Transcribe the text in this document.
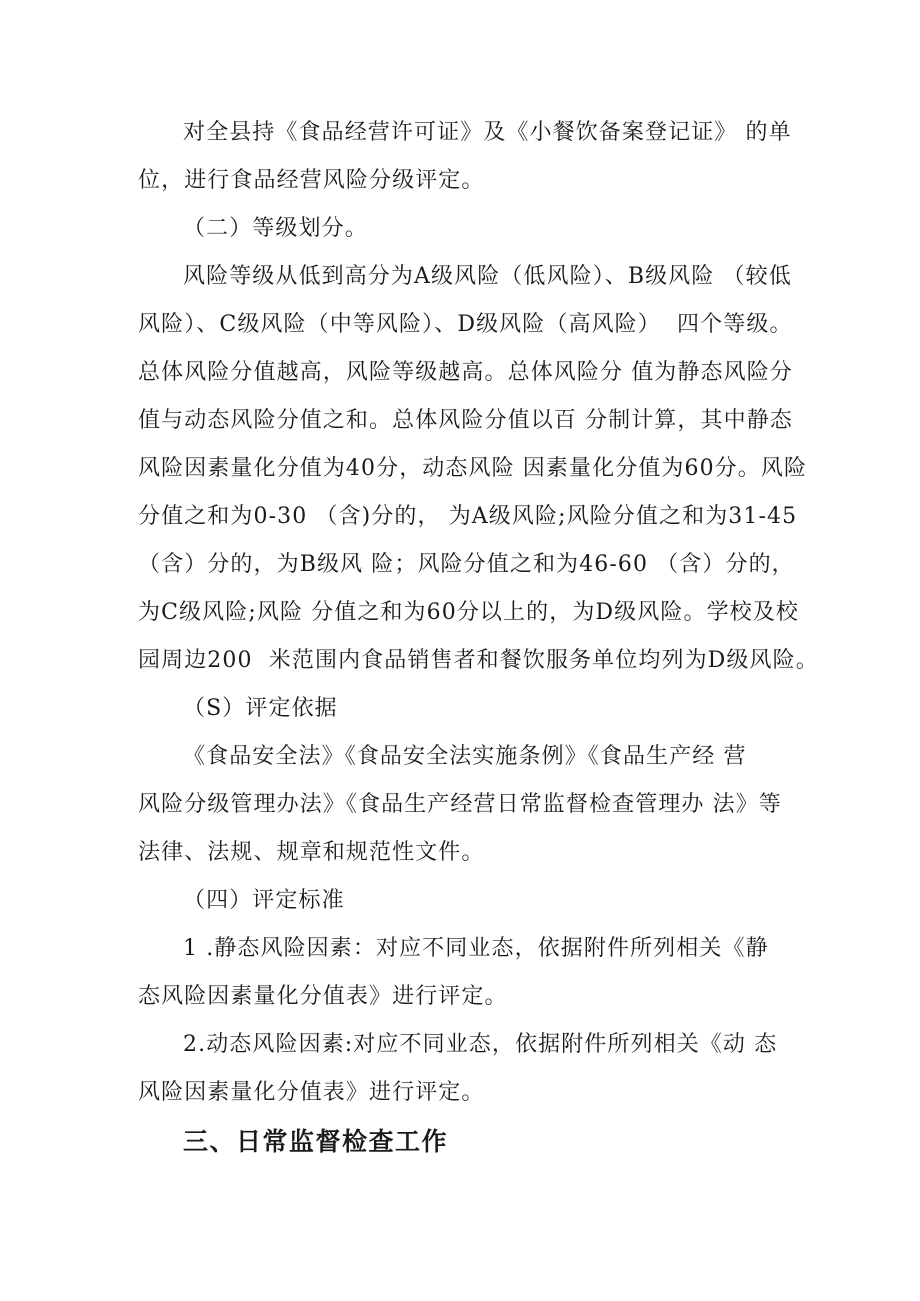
对全县持《食品经营许可证》及《小餐饮备案登记证》 的单
位，进行食品经营风险分级评定。
（二）等级划分。
风险等级从低到高分为A级风险（低风险）、B级风险 （较低
风险）、C级风险（中等风险）、D级风险（高风险）  四个等级。
总体风险分值越高，风险等级越高。总体风险分 值为静态风险分
值与动态风险分值之和。总体风险分值以百 分制计算，其中静态
风险因素量化分值为40分，动态风险 因素量化分值为60分。风险
分值之和为0-30 （含)分的， 为A级风险;风险分值之和为31-45
（含）分的，为B级风 险；风险分值之和为46-60 （含）分的，
为C级风险;风险 分值之和为60分以上的，为D级风险。学校及校
园周边200  米范围内食品销售者和餐饮服务单位均列为D级风险。
（S）评定依据
《食品安全法》《食品安全法实施条例》《食品生产经 营
风险分级管理办法》《食品生产经营日常监督检查管理办 法》等
法律、法规、规章和规范性文件。
（四）评定标准
1 .静态风险因素：对应不同业态，依据附件所列相关《静
态风险因素量化分值表》进行评定。
2.动态风险因素:对应不同业态，依据附件所列相关《动 态
风险因素量化分值表》进行评定。
三、日常监督检查工作
